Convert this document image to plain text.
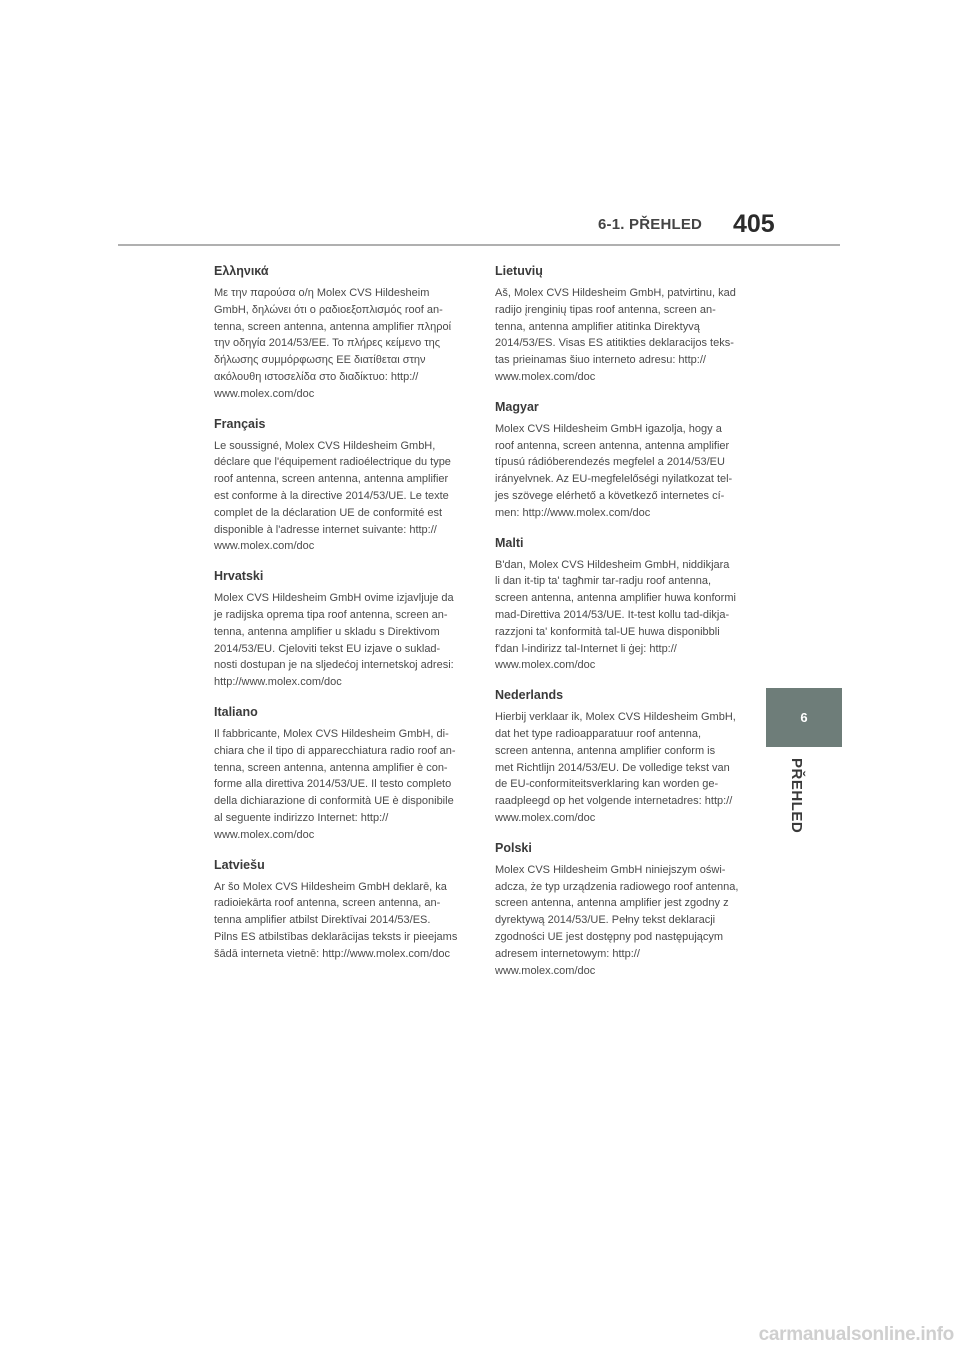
6-1. PŘEHLED 405
Ελληνικά

Με την παρούσα ο/η Molex CVS Hildesheim
GmbH, δηλώνει ότι ο ραδιοεξοπλισμός roof an-
tenna, screen antenna, antenna amplifier πληροί
την οδηγία 2014/53/ΕΕ. Το πλήρες κείμενο της
δήλωσης συμμόρφωσης ΕΕ διατίθεται στην
ακόλουθη ιστοσελίδα στο διαδίκτυο: http://
www.molex.com/doc

Français

Le soussigné, Molex CVS Hildesheim GmbH,
déclare que l'équipement radioélectrique du type
roof antenna, screen antenna, antenna amplifier
est conforme à la directive 2014/53/UE. Le texte
complet de la déclaration UE de conformité est
disponible à l'adresse internet suivante: http://
www.molex.com/doc

Hrvatski

Molex CVS Hildesheim GmbH ovime izjavljuje da
je radijska oprema tipa roof antenna, screen an-
tenna, antenna amplifier u skladu s Direktivom
2014/53/EU. Cjeloviti tekst EU izjave o suklad-
nosti dostupan je na sljedećoj internetskoj adresi:
http://www.molex.com/doc

Italiano

Il fabbricante, Molex CVS Hildesheim GmbH, di-
chiara che il tipo di apparecchiatura radio roof an-
tenna, screen antenna, antenna amplifier è con-
forme alla direttiva 2014/53/UE. Il testo completo
della dichiarazione di conformità UE è disponibile
al seguente indirizzo Internet: http://
www.molex.com/doc

Latviešu

Ar šo Molex CVS Hildesheim GmbH deklarē, ka
radioiekārta roof antenna, screen antenna, an-
tenna amplifier atbilst Direktīvai 2014/53/ES.
Pilns ES atbilstības deklarācijas teksts ir pieejams
šādā interneta vietnē: http://www.molex.com/doc

Lietuvių

Aš, Molex CVS Hildesheim GmbH, patvirtinu, kad
radijo įrenginių tipas roof antenna, screen an-
tenna, antenna amplifier atitinka Direktyvą
2014/53/ES. Visas ES atitikties deklaracijos teks-
tas prieinamas šiuo interneto adresu: http://
www.molex.com/doc

Magyar

Molex CVS Hildesheim GmbH igazolja, hogy a
roof antenna, screen antenna, antenna amplifier
típusú rádióberendezés megfelel a 2014/53/EU
irányelvnek. Az EU-megfelelőségi nyilatkozat tel-
jes szövege elérhető a következő internetes cí-
men: http://www.molex.com/doc

Malti

B'dan, Molex CVS Hildesheim GmbH, niddikjara
li dan it-tip ta' tagħmir tar-radju roof antenna,
screen antenna, antenna amplifier huwa konformi
mad-Direttiva 2014/53/UE. It-test kollu tad-dikja-
razzjoni ta' konformità tal-UE huwa disponibbli
f'dan l-indirizz tal-Internet li ġej: http://
www.molex.com/doc

Nederlands

Hierbij verklaar ik, Molex CVS Hildesheim GmbH,
dat het type radioapparatuur roof antenna,
screen antenna, antenna amplifier conform is
met Richtlijn 2014/53/EU. De volledige tekst van
de EU-conformiteitsverklaring kan worden ge-
raadpleegd op het volgende internetadres: http://
www.molex.com/doc

Polski

Molex CVS Hildesheim GmbH niniejszym oświ-
adcza, że typ urządzenia radiowego roof antenna,
screen antenna, antenna amplifier jest zgodny z
dyrektywą 2014/53/UE. Pełny tekst deklaracji
zgodności UE jest dostępny pod następującym
adresem internetowym: http://
www.molex.com/doc

6
PŘEHLED
carmanualsonline.info
